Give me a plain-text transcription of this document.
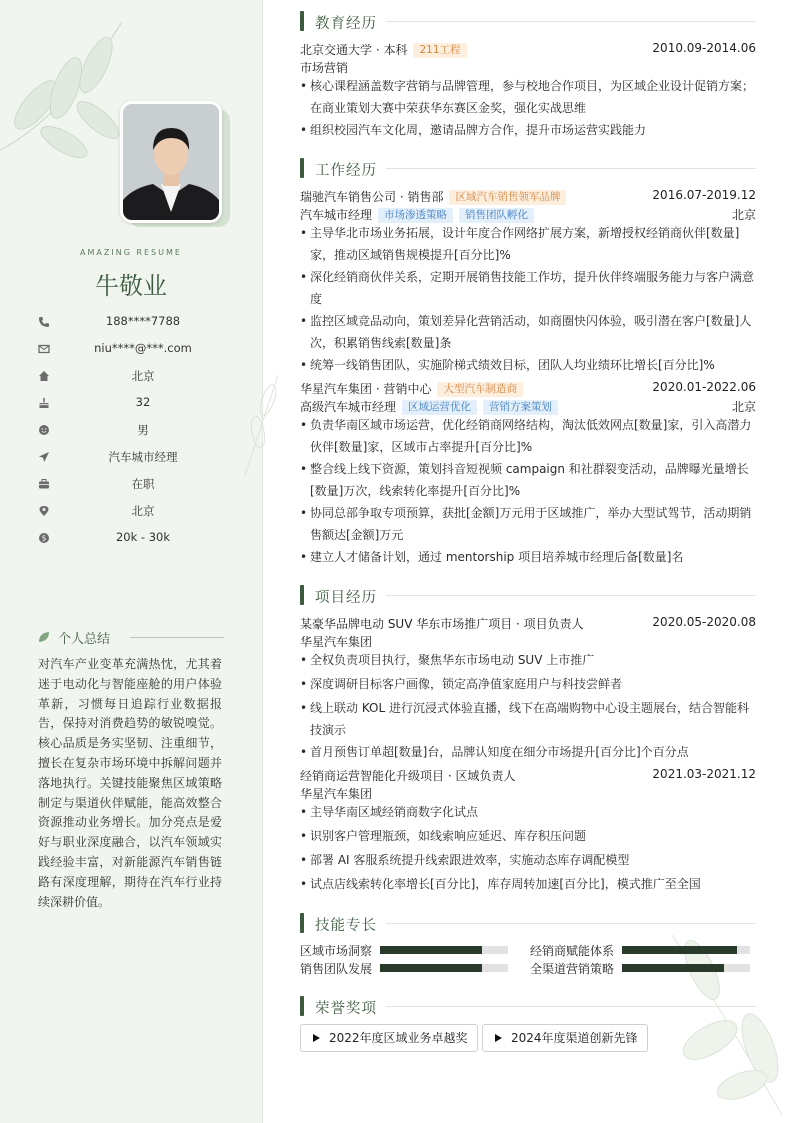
AMAZING RESUME
牛敬业
188****7788
niu****@***.com
北京
32
男
汽车城市经理
在职
北京
$	20k - 30k
个人总结
对汽车产业变革充满热忱，尤其着迷于电动化与智能座舱的用户体验革新，习惯每日追踪行业数据报告，保持对消费趋势的敏锐嗅觉。核心品质是务实坚韧、注重细节，擅长在复杂市场环境中拆解问题并落地执行。关键技能聚焦区域策略制定与渠道伙伴赋能，能高效整合资源推动业务增长。加分亮点是爱好与职业深度融合，以汽车领域实践经验丰富，对新能源汽车销售链路有深度理解，期待在汽车行业持续深耕价值。
教育经历
北京交通大学 · 本科 211工程	2010.09-2014.06
市场营销
• 核心课程涵盖数字营销与品牌管理，参与校地合作项目，为区域企业设计促销方案；在商业策划大赛中荣获华东赛区金奖，强化实战思维
• 组织校园汽车文化周，邀请品牌方合作，提升市场运营实践能力
工作经历
瑞驰汽车销售公司 · 销售部 区域汽车销售领军品牌	2016.07-2019.12
汽车城市经理 市场渗透策略 销售团队孵化	北京
• 主导华北市场业务拓展，设计年度合作网络扩展方案，新增授权经销商伙伴[数量]家，推动区域销售规模提升[百分比]%
• 深化经销商伙伴关系，定期开展销售技能工作坊，提升伙伴终端服务能力与客户满意度
• 监控区域竞品动向，策划差异化营销活动，如商圈快闪体验，吸引潜在客户[数量]人次，积累销售线索[数量]条
• 统筹一线销售团队，实施阶梯式绩效目标，团队人均业绩环比增长[百分比]%
华星汽车集团 · 营销中心 大型汽车制造商	2020.01-2022.06
高级汽车城市经理 区域运营优化 营销方案策划	北京
• 负责华南区域市场运营，优化经销商网络结构，淘汰低效网点[数量]家，引入高潜力伙伴[数量]家，区域市占率提升[百分比]%
• 整合线上线下资源，策划抖音短视频 campaign 和社群裂变活动，品牌曝光量增长[数量]万次，线索转化率提升[百分比]%
• 协同总部争取专项预算，获批[金额]万元用于区域推广，举办大型试驾节，活动期销售额达[金额]万元
• 建立人才储备计划，通过 mentorship 项目培养城市经理后备[数量]名
项目经历
某豪华品牌电动 SUV 华东市场推广项目 · 项目负责人	2020.05-2020.08
华星汽车集团
• 全权负责项目执行，聚焦华东市场电动 SUV 上市推广
• 深度调研目标客户画像，锁定高净值家庭用户与科技尝鲜者
• 线上联动 KOL 进行沉浸式体验直播，线下在高端购物中心设主题展台，结合智能科技演示
• 首月预售订单超[数量]台，品牌认知度在细分市场提升[百分比]个百分点
经销商运营智能化升级项目 · 区域负责人	2021.03-2021.12
华星汽车集团
• 主导华南区域经销商数字化试点
• 识别客户管理瓶颈，如线索响应延迟、库存积压问题
• 部署 AI 客服系统提升线索跟进效率，实施动态库存调配模型
• 试点店线索转化率增长[百分比]，库存周转加速[百分比]，模式推广至全国
技能专长
区域市场洞察	经销商赋能体系
销售团队发展	全渠道营销策略
荣誉奖项
2022年度区域业务卓越奖	2024年度渠道创新先锋
